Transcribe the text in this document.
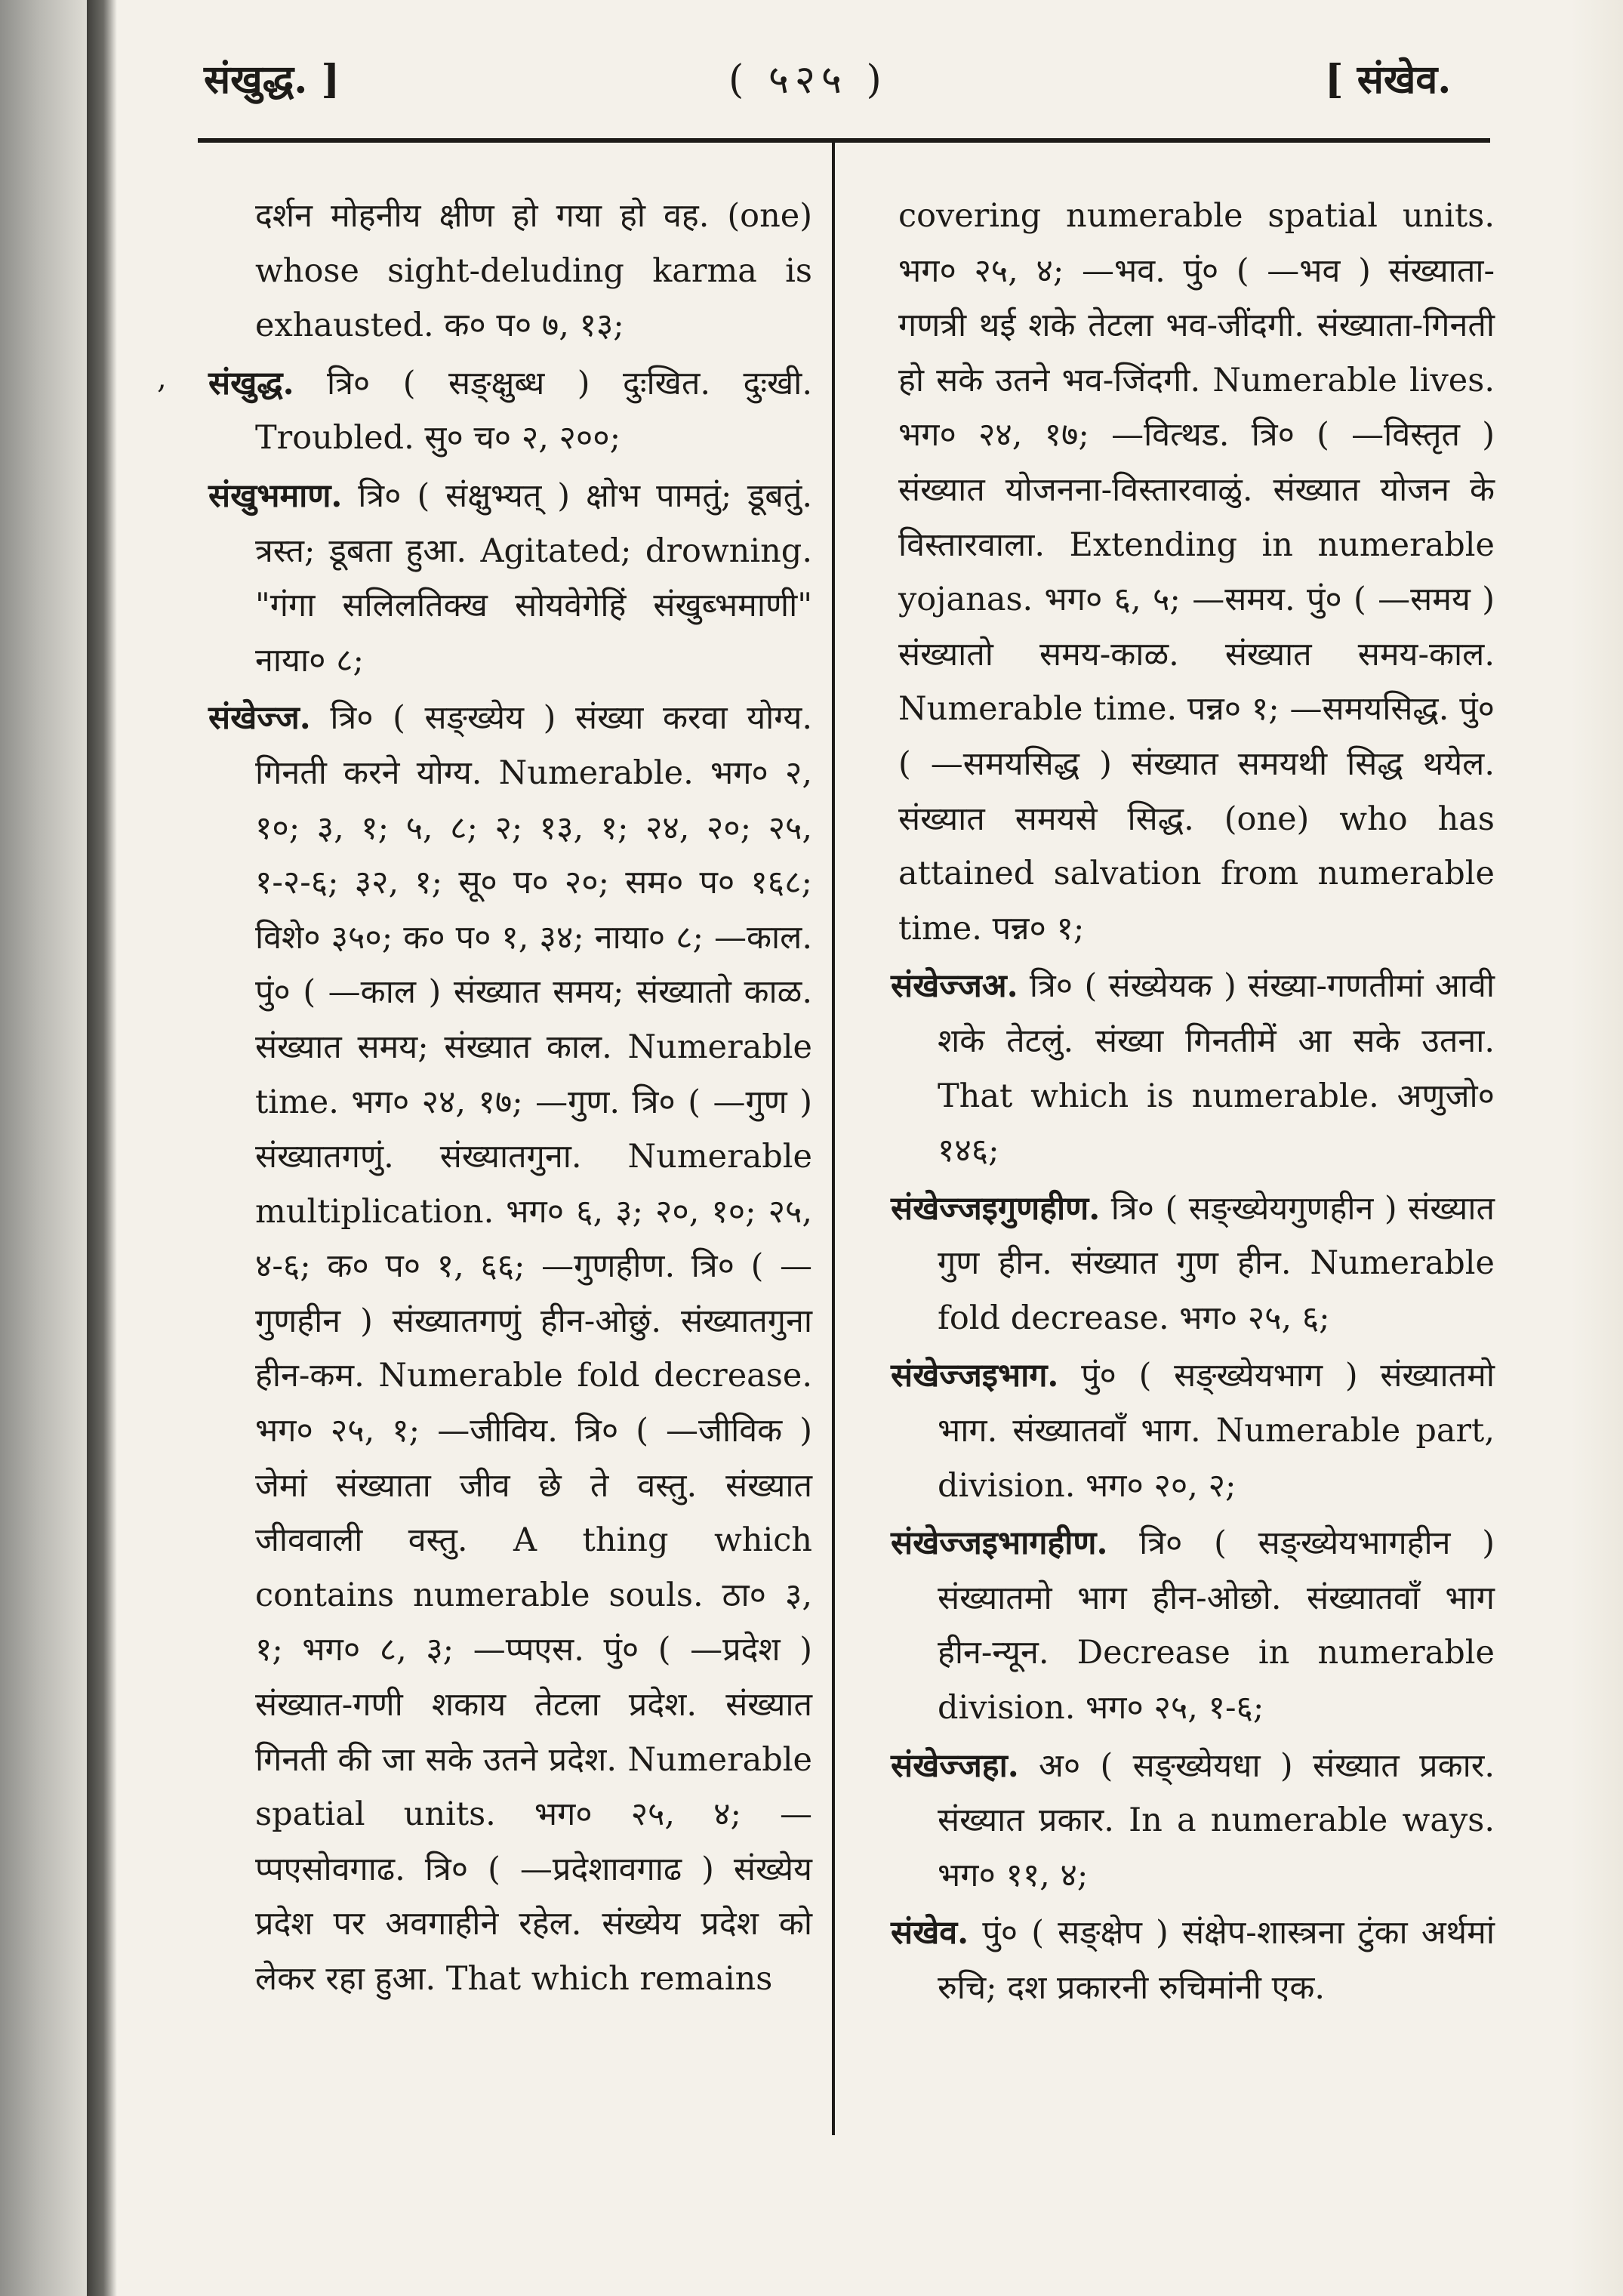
संखुद्ध. ]	( ५२५ )	[ संखेव.
,

दर्शन मोहनीय क्षीण हो गया हो वह. (one) whose sight-deluding karma is exhausted. क० प० ७, १३;

संखुद्ध. त्रि० ( सङ्क्षुब्ध ) दुःखित. दुःखी. Troubled. सु० च० २, २००;

संखुभमाण. त्रि० ( संक्षुभ्यत् ) क्षोभ पामतुं; डूबतुं. त्रस्त; डूबता हुआ. Agitated; drowning. "गंगा सलिलतिक्ख सोयवेगेहिं संखुब्भमाणी" नाया० ८;

संखेज्ज. त्रि० ( सङ्ख्येय ) संख्या करवा योग्य. गिनती करने योग्य. Numerable. भग० २, १०; ३, १; ५, ८; २; १३, १; २४, २०; २५, १-२-६; ३२, १; सू० प० २०; सम० प० १६८; विशे० ३५०; क० प० १, ३४; नाया० ८; —काल. पुं० ( —काल ) संख्यात समय; संख्यातो काळ. संख्यात समय; संख्यात काल. Numerable time. भग० २४, १७; —गुण. त्रि० ( —गुण ) संख्यातगणुं. संख्यातगुना. Numerable multiplication. भग० ६, ३; २०, १०; २५, ४-६; क० प० १, ६६; —गुणहीण. त्रि० ( —गुणहीन ) संख्यातगणुं हीन-ओछुं. संख्यातगुना हीन-कम. Numerable fold decrease. भग० २५, १; —जीविय. त्रि० ( —जीविक ) जेमां संख्याता जीव छे ते वस्तु. संख्यात जीववाली वस्तु. A thing which contains numerable souls. ठा० ३, १; भग० ८, ३; —प्पएस. पुं० ( —प्रदेश ) संख्यात-गणी शकाय तेटला प्रदेश. संख्यात गिनती की जा सके उतने प्रदेश. Numerable spatial units. भग० २५, ४; —प्पएसोवगाढ. त्रि० ( —प्रदेशावगाढ ) संख्येय प्रदेश पर अवगाहीने रहेल. संख्येय प्रदेश को लेकर रहा हुआ. That which remains

covering numerable spatial units. भग० २५, ४; —भव. पुं० ( —भव ) संख्याता-गणत्री थई शके तेटला भव-जींदगी. संख्याता-गिनती हो सके उतने भव-जिंदगी. Numerable lives. भग० २४, १७; —वित्थड. त्रि० ( —विस्तृत ) संख्यात योजनना-विस्तारवाळुं. संख्यात योजन के विस्तारवाला. Extending in numerable yojanas. भग० ६, ५; —समय. पुं० ( —समय ) संख्यातो समय-काळ. संख्यात समय-काल. Numerable time. पन्न० १; —समयसिद्ध. पुं० ( —समयसिद्ध ) संख्यात समयथी सिद्ध थयेल. संख्यात समयसे सिद्ध. (one) who has attained salvation from numerable time. पन्न० १;

संखेज्जअ. त्रि० ( संख्येयक ) संख्या-गणतीमां आवी शके तेटलुं. संख्या गिनतीमें आ सके उतना. That which is numerable. अणुजो० १४६;

संखेज्जइगुणहीण. त्रि० ( सङ्ख्येयगुणहीन ) संख्यात गुण हीन. संख्यात गुण हीन. Numerable fold decrease. भग० २५, ६;

संखेज्जइभाग. पुं० ( सङ्ख्येयभाग ) संख्यातमो भाग. संख्यातवाँ भाग. Numerable part, division. भग० २०, २;

संखेज्जइभागहीण. त्रि० ( सङ्ख्येयभागहीन ) संख्यातमो भाग हीन-ओछो. संख्यातवाँ भाग हीन-न्यून. Decrease in numerable division. भग० २५, १-६;

संखेज्जहा. अ० ( सङ्ख्येयधा ) संख्यात प्रकार. संख्यात प्रकार. In a numerable ways. भग० ११, ४;

संखेव. पुं० ( सङ्क्षेप ) संक्षेप-शास्त्रना टुंका अर्थमां रुचि; दश प्रकारनी रुचिमांनी एक.
